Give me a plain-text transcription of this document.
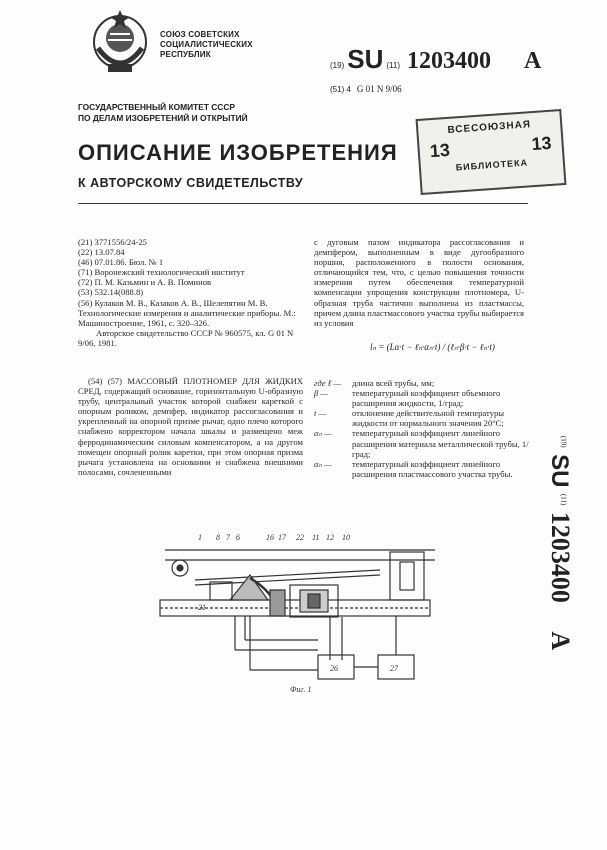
СОЮЗ СОВЕТСКИХ
СОЦИАЛИСТИЧЕСКИХ
РЕСПУБЛИК
(19) SU (11) 1203400 A
(51) 4 G 01 N 9/06
ГОСУДАРСТВЕННЫЙ КОМИТЕТ СССР
ПО ДЕЛАМ ИЗОБРЕТЕНИЙ И ОТКРЫТИЙ
ВСЕСОЮЗНАЯ
13	13
БИБЛИОТЕКА
ОПИСАНИЕ ИЗОБРЕТЕНИЯ
К АВТОРСКОМУ СВИДЕТЕЛЬСТВУ

(21) 3771556/24-25

(22) 13.07.84

(46) 07.01.86. Бюл. № 1

(71) Воронежский технологический институт

(72) П. М. Казьмин и А. В. Поминов

(53) 532.14(088.8)

(56) Кулаков М. В., Казаков А. В., Шелепятин М. В. Технологические измерения и аналитические приборы. М.: Машиностроение, 1961, с. 320–326.

Авторское свидетельство СССР № 960575, кл. G 01 N 9/06, 1981.

(54) (57) МАССОВЫЙ ПЛОТНОМЕР ДЛЯ ЖИДКИХ СРЕД, содержащий основание, горизонтальную U-образную трубу, центральный участок которой снабжен кареткой с опорным роликом, демпфер, индикатор рассогласования и укрепленный на опорной призме рычаг, одно плечо которого снабжено корректором начала шкалы и размещено меж ферродинамическим силовым компенсатором, а на другом помещен опорный ролик каретки, при этом опорная призма рычага установлена на основании и снабжена внешними полосами, сочлененными
с дуговым пазом индикатора рассогласования и демпфером, выполненным в виде дугообразного поршня, расположенного в полости основания, отличающийся тем, что, с целью повышения точности измерения путем обеспечения температурной компенсации упрощения конструкции плотномера, U-образная труба частично выполнена из пластмассы, причем длина пластмассового участка трубы выбирается из условия
lₙ = (Lα·t − ℓₙ·αₙ·t) / (ℓₙ·β·t − ℓₙ·t)
где ℓ —	длина всей трубы, мм;
β —	температурный коэффициент объемного расширения жидкости, 1/град;
t —	отклонение действительной температуры жидкости от нормального значения 20°С;
αₙ —	температурный коэффициент линейного расширения материала металлической трубы, 1/град;
αₙ —	температурный коэффициент линейного расширения пластмассового участка трубы.
$^{(19)}$ SU $^{(11)}$ 1203400 A
1 8 7 6	16 17 22 11 12 10
21
26	27
Фиг. 1
